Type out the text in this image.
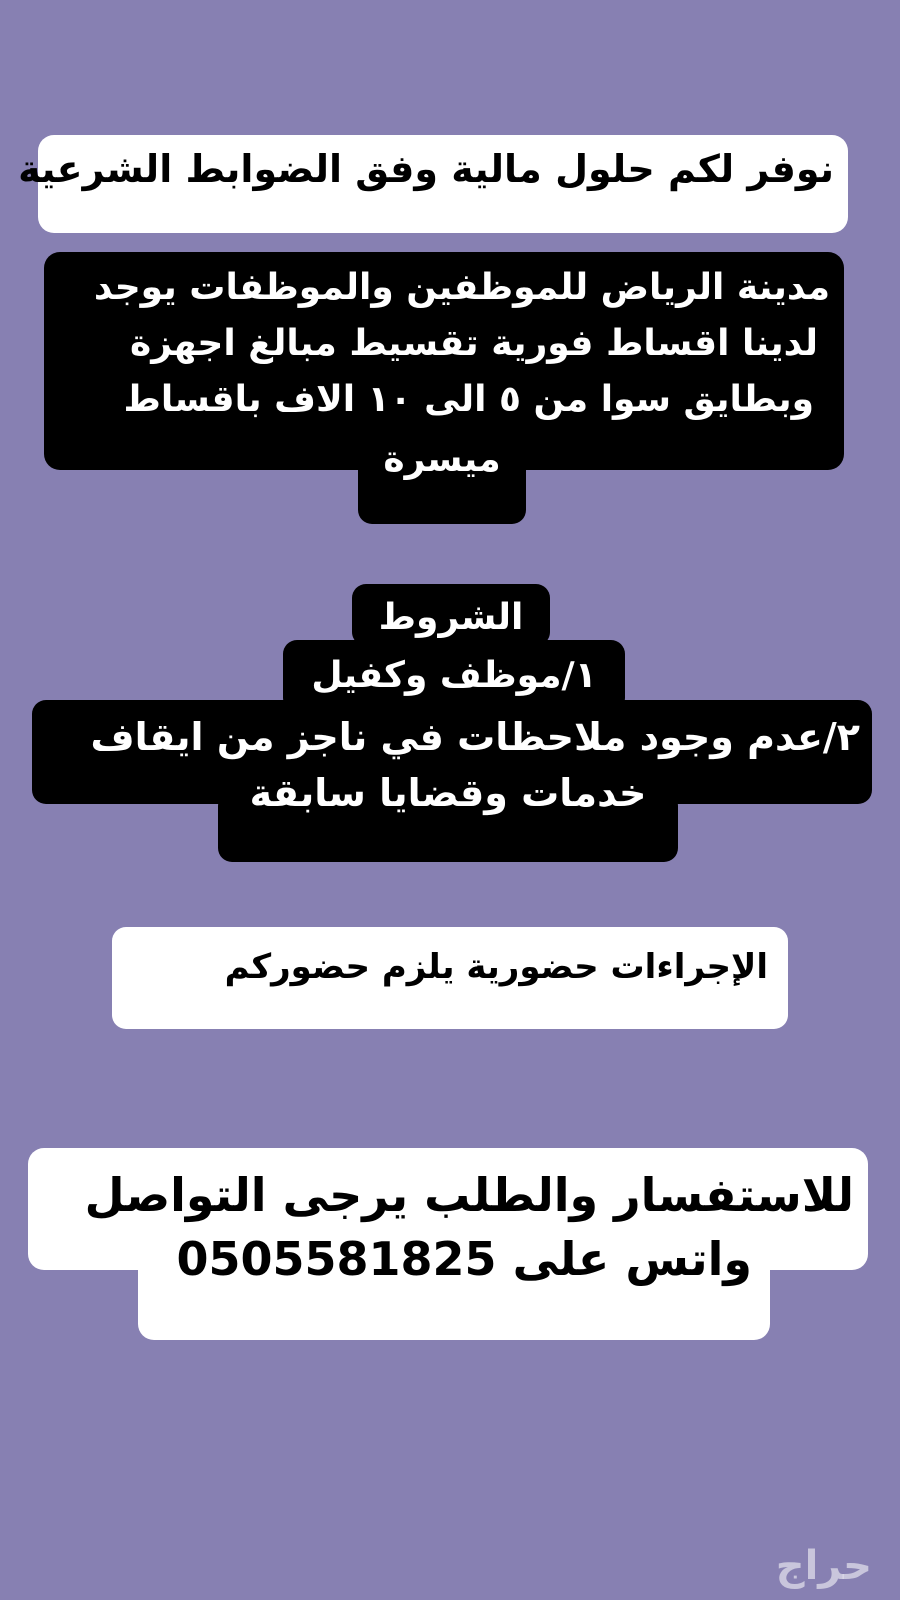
نوفر لكم حلول مالية وفق الضوابط الشرعية
مدينة الرياض للموظفين والموظفات يوجد
لدينا اقساط فورية تقسيط مبالغ اجهزة
وبطايق سوا من ٥ الى ١٠ الاف باقساط
ميسرة
الشروط
١/موظف وكفيل
٢/عدم وجود ملاحظات في ناجز من ايقاف
خدمات وقضايا سابقة
الإجراءات حضورية يلزم حضوركم
للاستفسار والطلب يرجى التواصل
واتس على 0505581825
حراج
